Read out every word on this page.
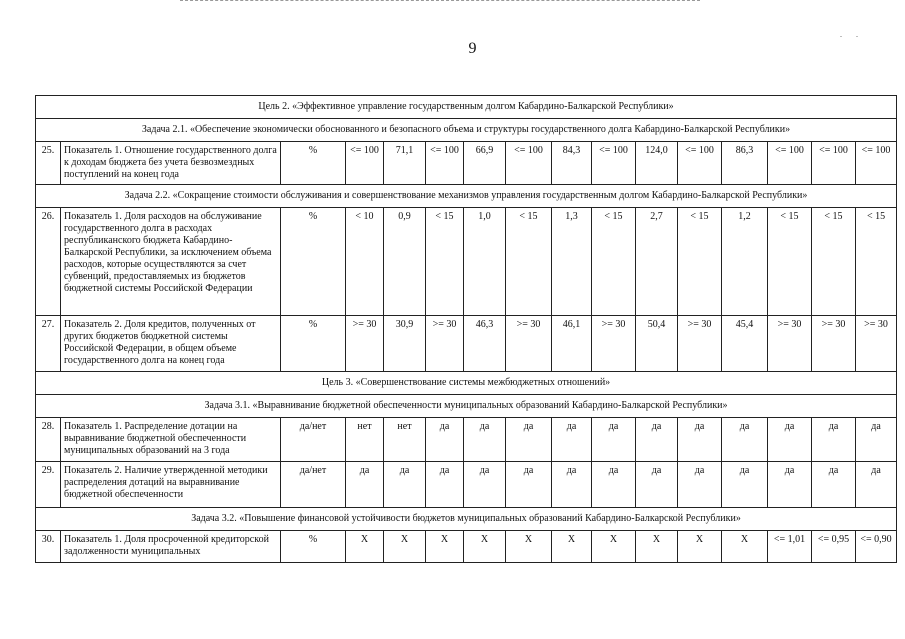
. .
9
Цель 2. «Эффективное управление государственным долгом Кабардино-Балкарской Республики»															
Задача 2.1. «Обеспечение экономически обоснованного и безопасного объема и структуры государственного долга Кабардино-Балкарской Республики»															
25.	Показатель 1. Отношение государственного долга к доходам бюджета без учета безвозмездных поступлений на конец года	%	<= 100	71,1	<= 100	66,9	<= 100	84,3	<= 100	124,0	<= 100	86,3	<= 100	<= 100	<= 100
Задача 2.2. «Сокращение стоимости обслуживания и совершенствование механизмов управления государственным долгом Кабардино-Балкарской Республики»															
26.	Показатель 1. Доля расходов на обслуживание государственного долга в расходах республиканского бюджета Кабардино-Балкарской Республики, за исключением объема расходов, которые осуществляются за счет субвенций, предоставляемых из бюджетов бюджетной системы Российской Федерации	%	< 10	0,9	< 15	1,0	< 15	1,3	< 15	2,7	< 15	1,2	< 15	< 15	< 15
27.	Показатель 2. Доля кредитов, полученных от других бюджетов бюджетной системы Российской Федерации, в общем объеме государственного долга на конец года	%	>= 30	30,9	>= 30	46,3	>= 30	46,1	>= 30	50,4	>= 30	45,4	>= 30	>= 30	>= 30
Цель 3. «Совершенствование системы межбюджетных отношений»															
Задача 3.1. «Выравнивание бюджетной обеспеченности муниципальных образований Кабардино-Балкарской Республики»															
28.	Показатель 1. Распределение дотации на выравнивание бюджетной обеспеченности муниципальных образований на 3 года	да/нет	нет	нет	да	да	да	да	да	да	да	да	да	да	да
29.	Показатель 2. Наличие утвержденной методики распределения дотаций на выравнивание бюджетной обеспеченности	да/нет	да	да	да	да	да	да	да	да	да	да	да	да	да
Задача 3.2. «Повышение финансовой устойчивости бюджетов муниципальных образований Кабардино-Балкарской Республики»															
30.	Показатель 1. Доля просроченной кредиторской задолженности муниципальных	%	X	X	X	X	X	X	X	X	X	X	<= 1,01	<= 0,95	<= 0,90
